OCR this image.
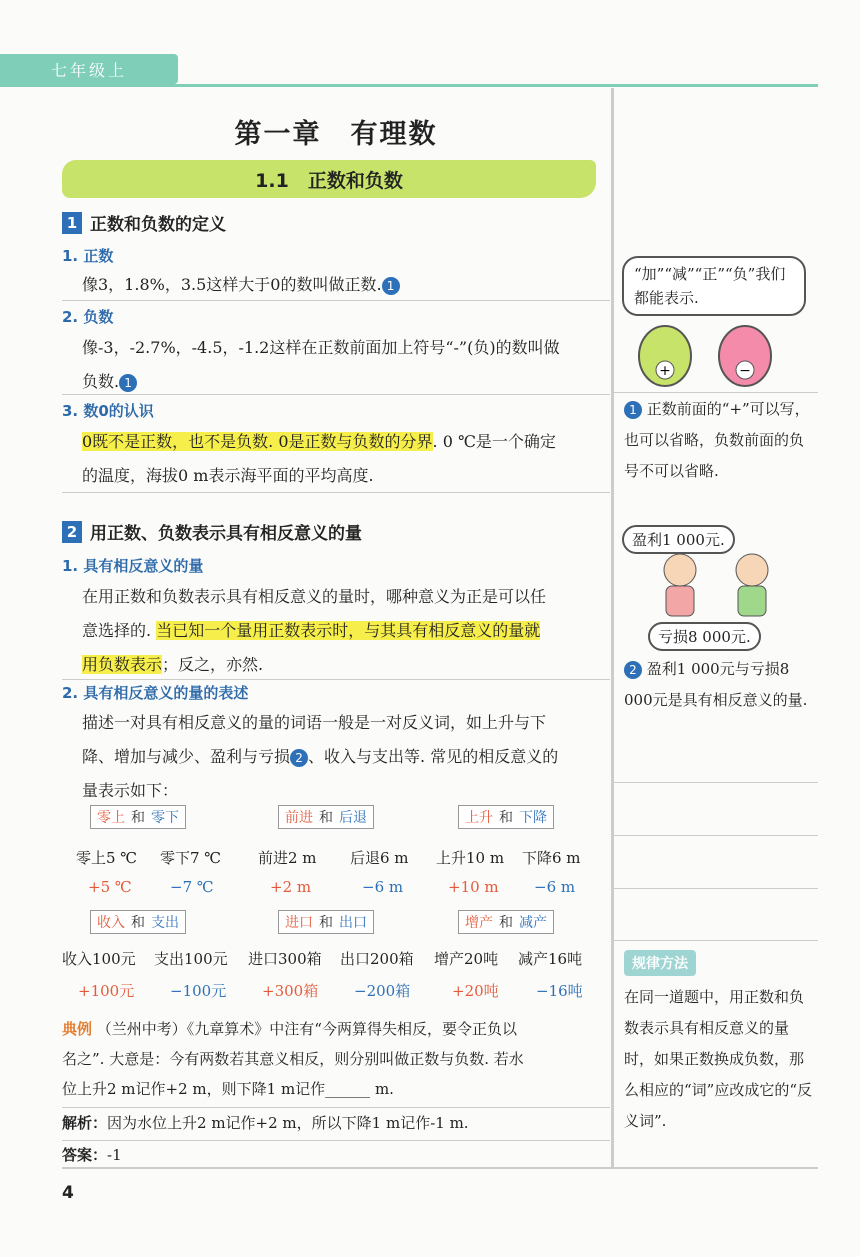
七年级上
第一章　有理数
1.1　正数和负数
1 正数和负数的定义
1. 正数
像3，1.8%，3.5这样大于0的数叫做正数. 1
2. 负数
像-3，-2.7%，-4.5，-1.2这样在正数前面加上符号“-”(负)的数叫做
负数. 1
3. 数0的认识
0既不是正数，也不是负数. 0是正数与负数的分界. 0 ℃是一个确定
的温度，海拔0 m表示海平面的平均高度.
2 用正数、负数表示具有相反意义的量
1. 具有相反意义的量
在用正数和负数表示具有相反意义的量时，哪种意义为正是可以任
意选择的. 当已知一个量用正数表示时，与其具有相反意义的量就
用负数表示；反之，亦然.
2. 具有相反意义的量的表述
描述一对具有相反意义的量的词语一般是一对反义词，如上升与下
降、增加与减少、盈利与亏损 2 、收入与支出等. 常见的相反意义的
量表示如下：
零上 和 零下
零上5 ℃ 零下7 ℃
+5 ℃	−7 ℃
前进 和 后退
前进2 m 后退6 m
+2 m	−6 m
上升 和 下降
上升10 m 下降6 m
+10 m −6 m
收入 和 支出
收入100元 支出100元
+100元 −100元
进口 和 出口
进口300箱 出口200箱
+300箱 −200箱
增产 和 减产
增产20吨 减产16吨
+20吨 −16吨
典例 （兰州中考）《九章算术》中注有“今两算得失相反，要令正负以
名之”. 大意是：今有两数若其意义相反，则分别叫做正数与负数. 若水
位上升2 m记作+2 m，则下降1 m记作______ m.
解析：因为水位上升2 m记作+2 m，所以下降1 m记作-1 m.
答案：-1
“加”“减”“正”“负”我们都能表示.
+	−
1 正数前面的“+”可以写，也可以省略，负数前面的负号不可以省略.
盈利1 000元.
亏损8 000元.
2 盈利1 000元与亏损8 000元是具有相反意义的量.
规律方法
在同一道题中，用正数和负数表示具有相反意义的量时，如果正数换成负数，那么相应的“词”应改成它的“反义词”.
4
